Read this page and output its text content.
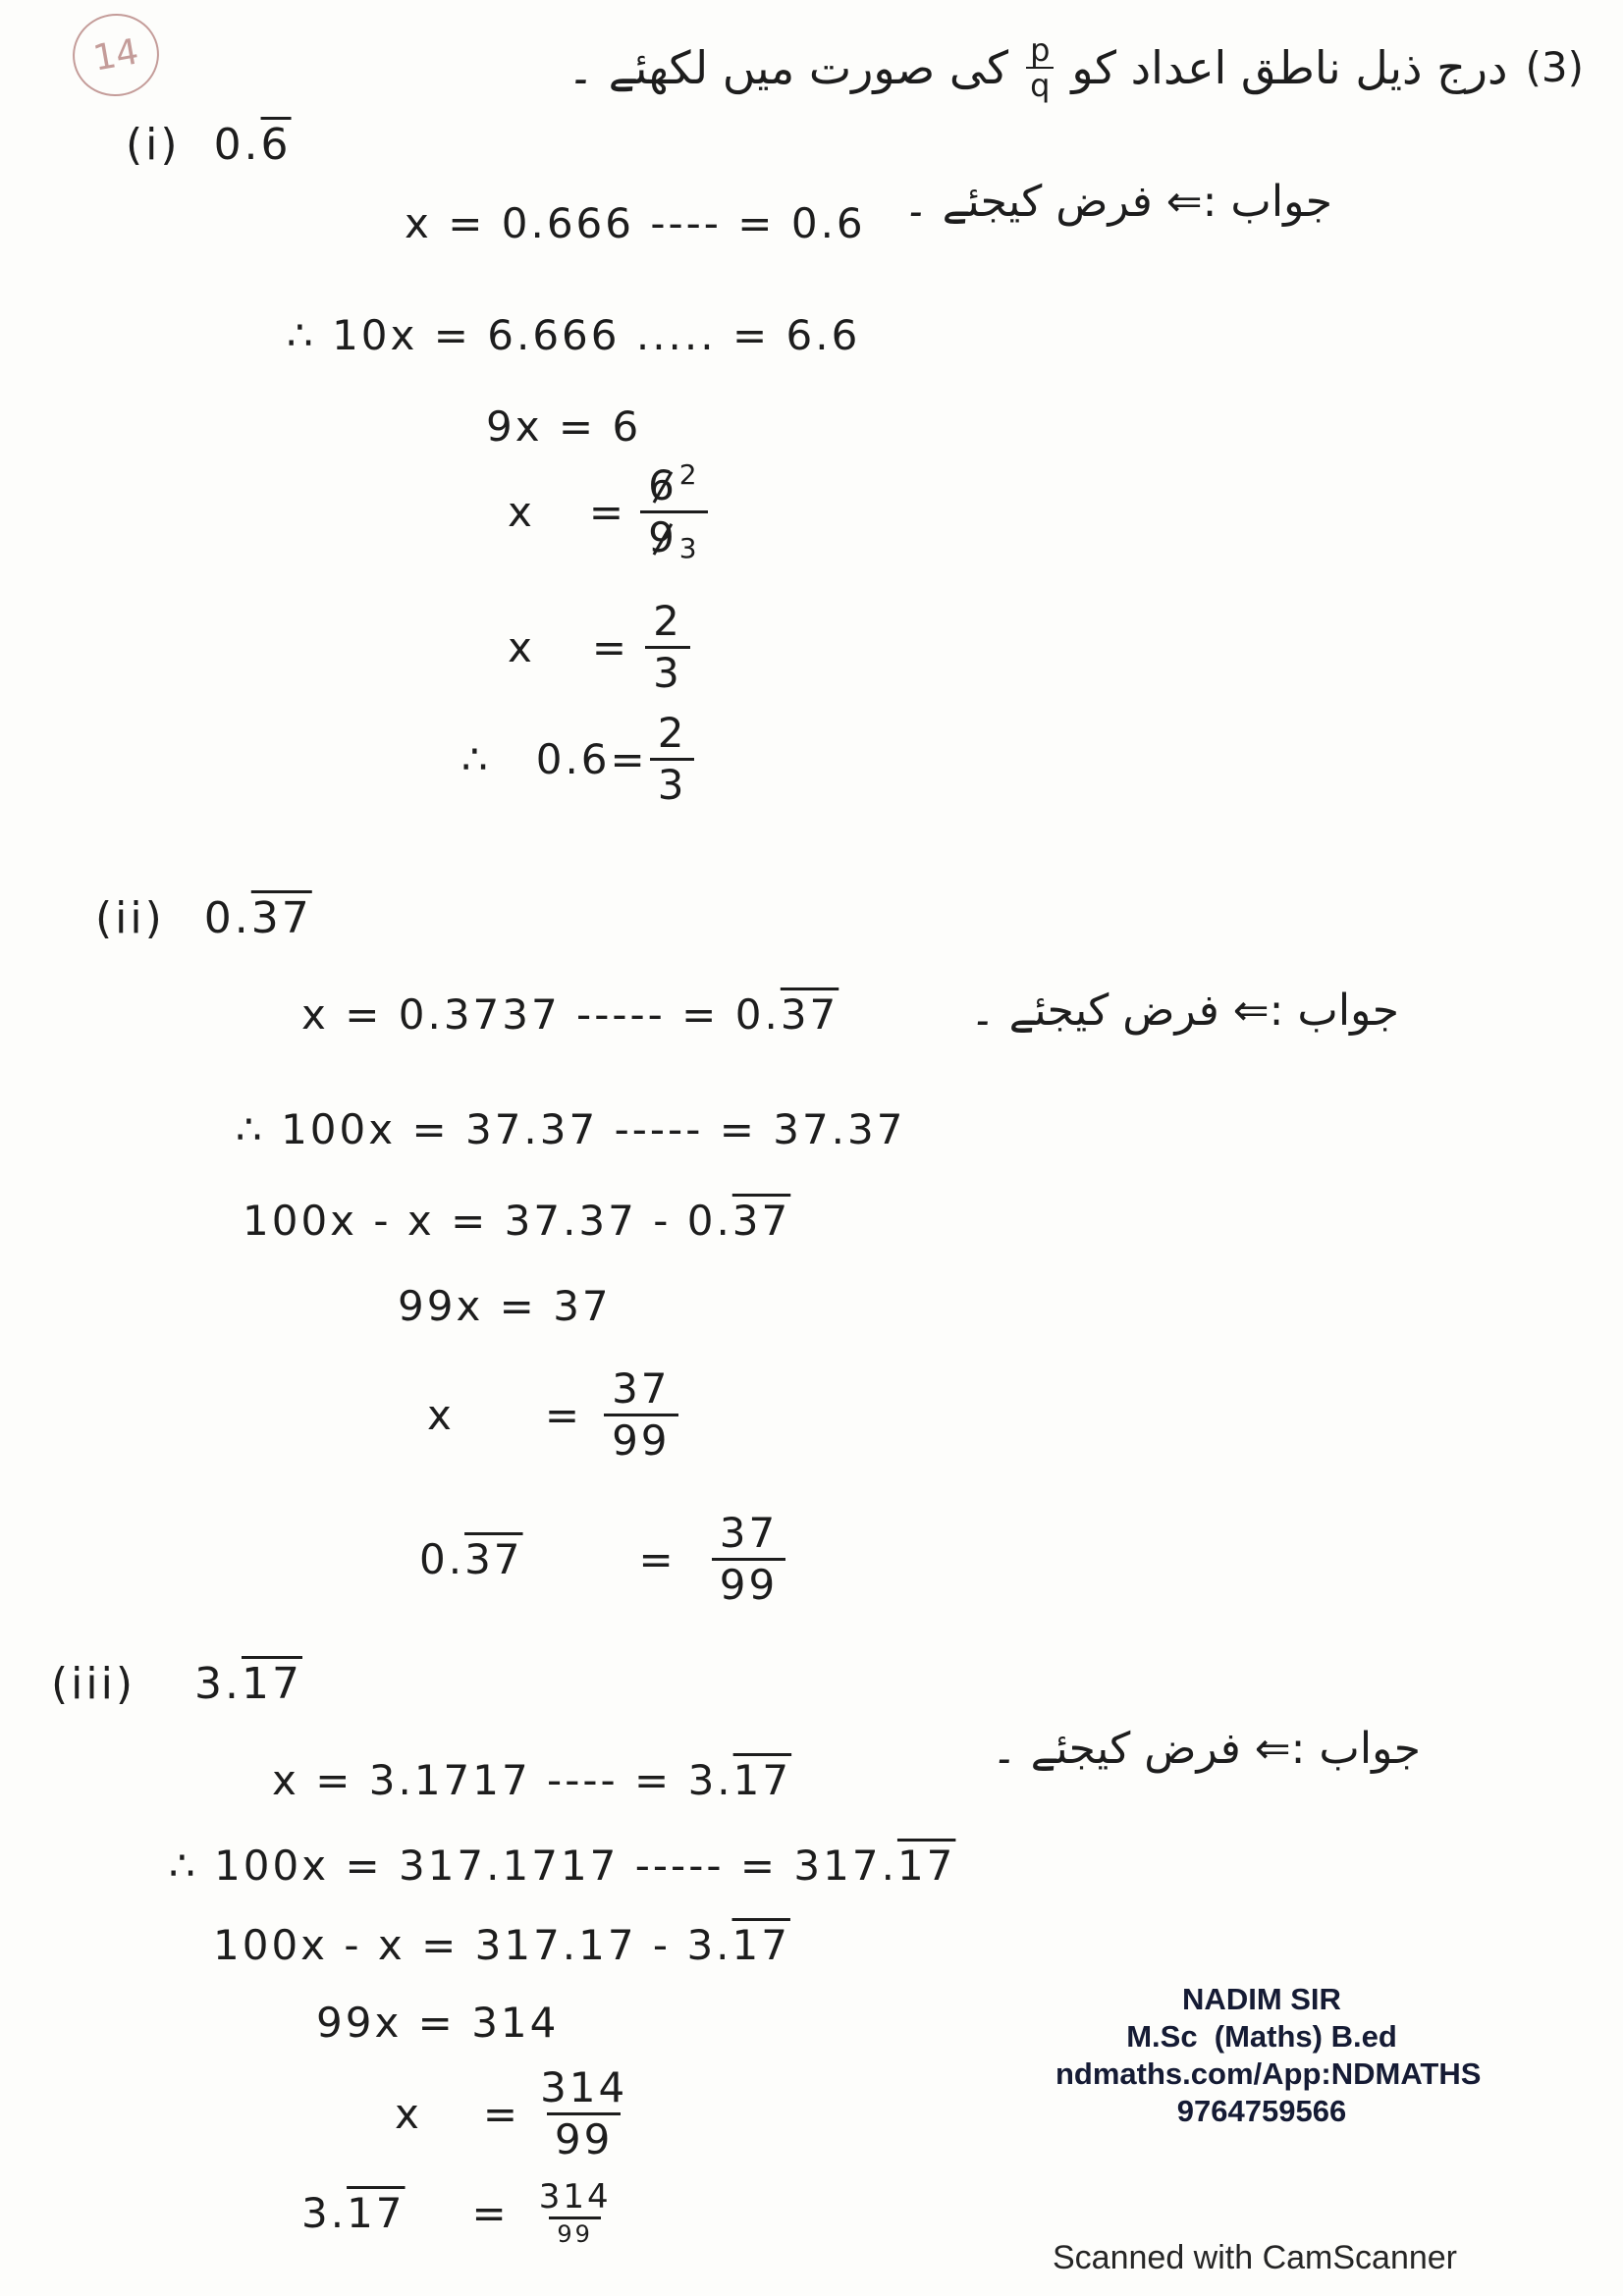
14	(3)
درج ذیل ناطق اعداد کو
$\frac{p}{q}$
کی صورت میں لکھئے ۔
(i) 0. 6
x = 0.666 ---- = 0.6 جواب :⇐ فرض کیجئے ۔
∴ 10x = 6.666 ..... = 6.6
9x = 6
$x = \frac{6 2}{9 3}$
$x = \frac{2}{3}$
∴ $0.6= \frac{2}{3}$
(ii) 0. 37
x = 0.3737 ----- = 0. 37	جواب :⇐ فرض کیجئے ۔
∴ 100x = 37.37 ----- = 37.37
100x - x = 37.37 - 0. 37
99x = 37
$x = \frac{37}{99}$
0. 37	= $\frac{37}{99}$
(iii) 3. 17
x = 3.1717 ---- = 3. 17
جواب :⇐ فرض کیجئے ۔
∴ 100x = 317.1717 ----- = 317. 17
100x - x = 317.17 - 3. 17
99x = 314
$x = \frac{314}{99}$
3. $17 = \frac{314}{99}$
NADIM SIR
M.Sc  (Maths) B.ed
ndmaths.com/App:NDMATHS
9764759566
Scanned with CamScanner
